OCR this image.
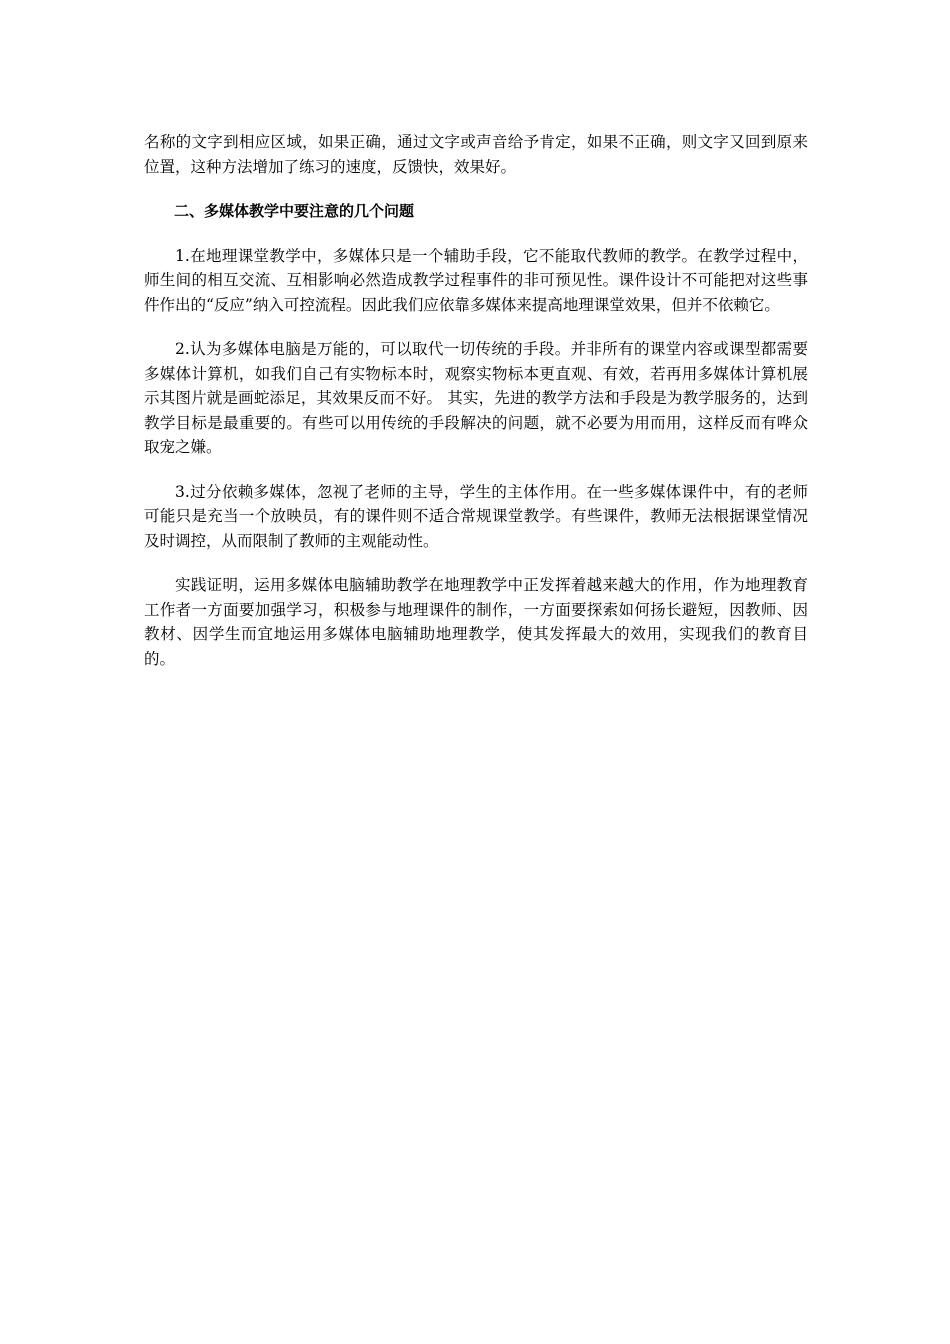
名称的文字到相应区域，如果正确，通过文字或声音给予肯定，如果不正确，则文字又回到原来位置，这种方法增加了练习的速度，反馈快，效果好。

二、多媒体教学中要注意的几个问题

1.在地理课堂教学中，多媒体只是一个辅助手段，它不能取代教师的教学。在教学过程中，师生间的相互交流、互相影响必然造成教学过程事件的非可预见性。课件设计不可能把对这些事件作出的“反应”纳入可控流程。因此我们应依靠多媒体来提高地理课堂效果，但并不依赖它。

2.认为多媒体电脑是万能的，可以取代一切传统的手段。并非所有的课堂内容或课型都需要多媒体计算机，如我们自己有实物标本时，观察实物标本更直观、有效，若再用多媒体计算机展示其图片就是画蛇添足，其效果反而不好。 其实，先进的教学方法和手段是为教学服务的，达到教学目标是最重要的。有些可以用传统的手段解决的问题，就不必要为用而用，这样反而有哗众取宠之嫌。

3.过分依赖多媒体，忽视了老师的主导，学生的主体作用。在一些多媒体课件中，有的老师可能只是充当一个放映员，有的课件则不适合常规课堂教学。有些课件，教师无法根据课堂情况及时调控，从而限制了教师的主观能动性。

实践证明，运用多媒体电脑辅助教学在地理教学中正发挥着越来越大的作用，作为地理教育工作者一方面要加强学习，积极参与地理课件的制作，一方面要探索如何扬长避短，因教师、因教材、因学生而宜地运用多媒体电脑辅助地理教学，使其发挥最大的效用，实现我们的教育目的。
